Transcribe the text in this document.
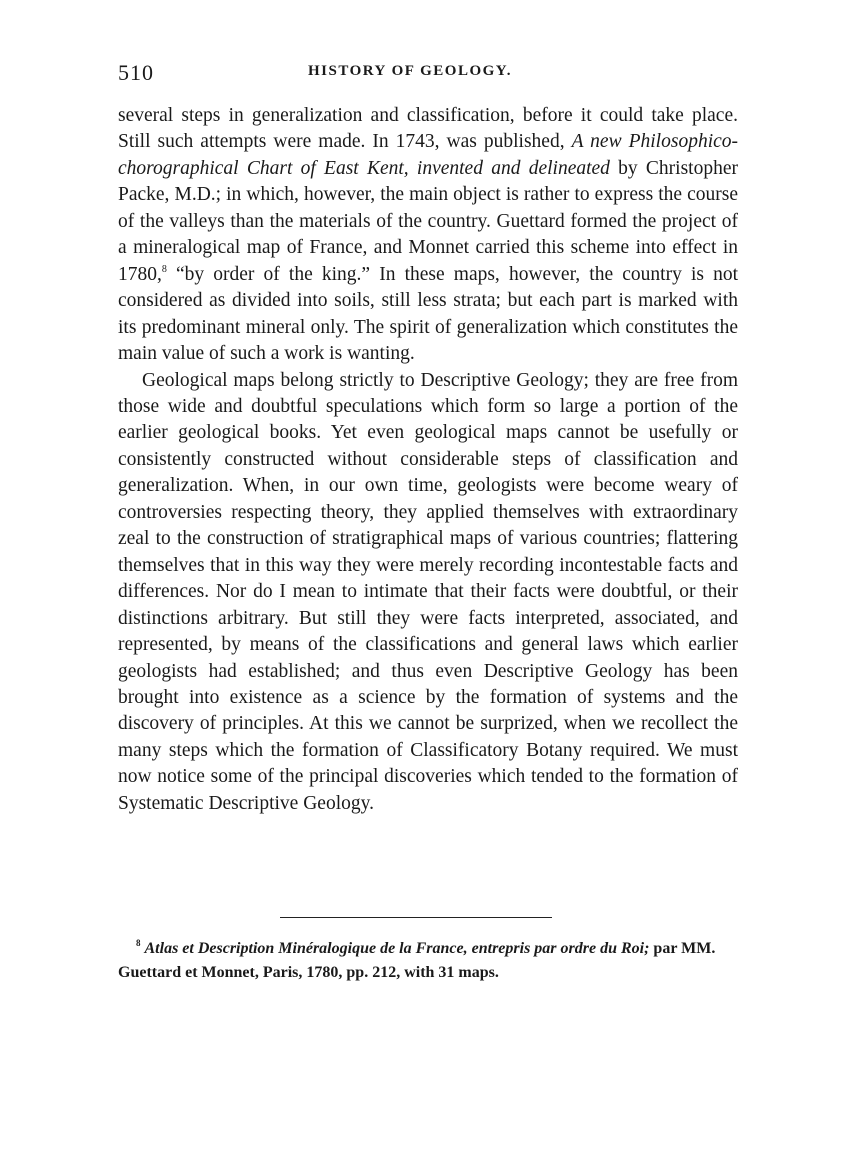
510	HISTORY OF GEOLOGY.

several steps in generalization and classification, before it could take place. Still such attempts were made. In 1743, was published, A new Philosophico-chorographical Chart of East Kent, invented and delineated by Christopher Packe, M.D.; in which, however, the main object is rather to express the course of the valleys than the materials of the country. Guettard formed the project of a mineralogical map of France, and Monnet carried this scheme into effect in 1780,$^8$ “by order of the king.” In these maps, however, the country is not considered as divided into soils, still less strata; but each part is marked with its predominant mineral only. The spirit of generalization which constitutes the main value of such a work is wanting.

Geological maps belong strictly to Descriptive Geology; they are free from those wide and doubtful speculations which form so large a portion of the earlier geological books. Yet even geological maps cannot be usefully or consistently constructed without considerable steps of classification and generalization. When, in our own time, geologists were become weary of controversies respecting theory, they applied themselves with extraordinary zeal to the construction of stratigraphical maps of various countries; flattering themselves that in this way they were merely recording incontestable facts and differences. Nor do I mean to intimate that their facts were doubtful, or their distinctions arbitrary. But still they were facts interpreted, associated, and represented, by means of the classifications and general laws which earlier geologists had established; and thus even Descriptive Geology has been brought into existence as a science by the formation of systems and the discovery of principles. At this we cannot be surprized, when we recollect the many steps which the formation of Classificatory Botany required. We must now notice some of the principal discoveries which tended to the formation of Systematic Descriptive Geology.

$^8$ Atlas et Description Minéralogique de la France, entrepris par ordre du Roi; par MM. Guettard et Monnet, Paris, 1780, pp. 212, with 31 maps.
